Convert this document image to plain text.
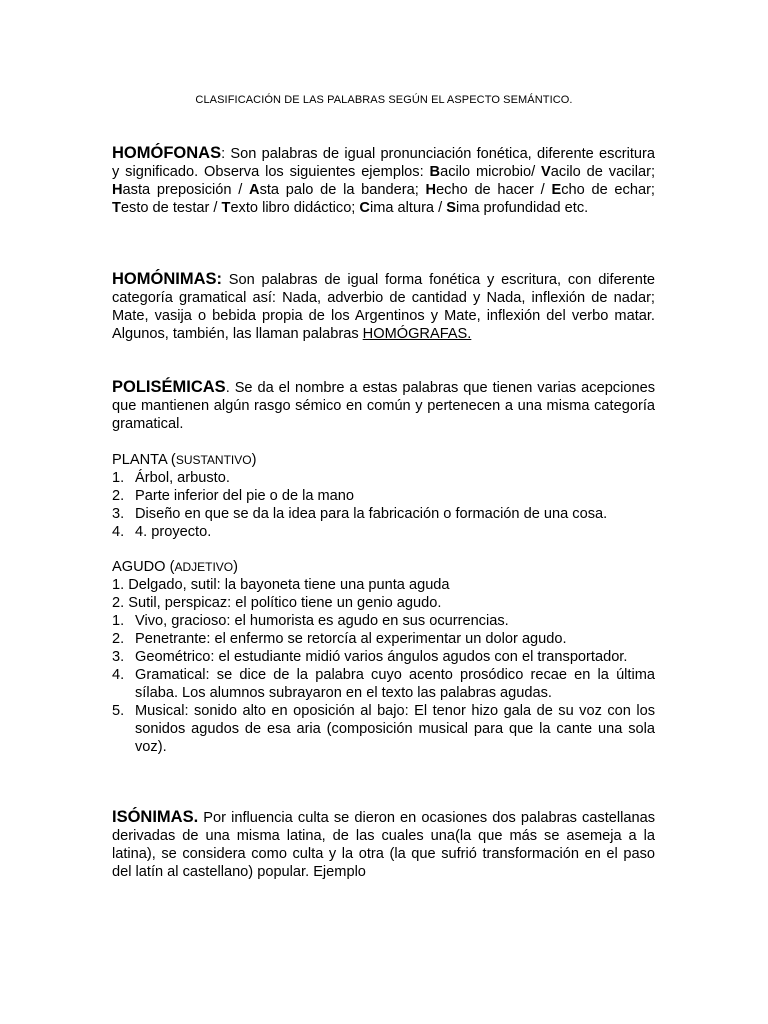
CLASIFICACIÓN DE LAS PALABRAS SEGÚN EL ASPECTO SEMÁNTICO.
HOMÓFONAS: Son palabras de igual pronunciación fonética, diferente escritura y significado. Observa los siguientes ejemplos: Bacilo microbio/ Vacilo de vacilar; Hasta preposición / Asta palo de la bandera; Hecho de hacer / Echo de echar; Testo de testar / Texto libro didáctico; Cima altura / Sima profundidad etc.
HOMÓNIMAS: Son palabras de igual forma fonética y escritura, con diferente categoría gramatical así: Nada, adverbio de cantidad y Nada, inflexión de nadar; Mate, vasija o bebida propia de los Argentinos y Mate, inflexión del verbo matar. Algunos, también, las llaman palabras HOMÓGRAFAS.
POLISÉMICAS. Se da el nombre a estas palabras que tienen varias acepciones que mantienen algún rasgo sémico en común y pertenecen a una misma categoría gramatical.
PLANTA (SUSTANTIVO)
1. Árbol, arbusto.
2. Parte inferior del pie o de la mano
3. Diseño en que se da la idea para la fabricación o formación de una cosa.
4. 4. proyecto.
AGUDO (ADJETIVO)
1. Delgado, sutil: la bayoneta tiene una punta aguda
2. Sutil, perspicaz: el político tiene un genio agudo.
1. Vivo, gracioso: el humorista es agudo en sus ocurrencias.
2. Penetrante: el enfermo se retorcía al experimentar un dolor agudo.
3. Geométrico: el estudiante midió varios ángulos agudos con el transportador.
4. Gramatical: se dice de la palabra cuyo acento prosódico recae en la última sílaba. Los alumnos subrayaron en el texto las palabras agudas.
5. Musical: sonido alto en oposición al bajo: El tenor hizo gala de su voz con los sonidos agudos de esa aria (composición musical para que la cante una sola voz).
ISÓNIMAS. Por influencia culta se dieron en ocasiones dos palabras castellanas derivadas de una misma latina, de las cuales una(la que más se asemeja a la latina), se considera como culta y la otra (la que sufrió transformación en el paso del latín al castellano) popular. Ejemplo
